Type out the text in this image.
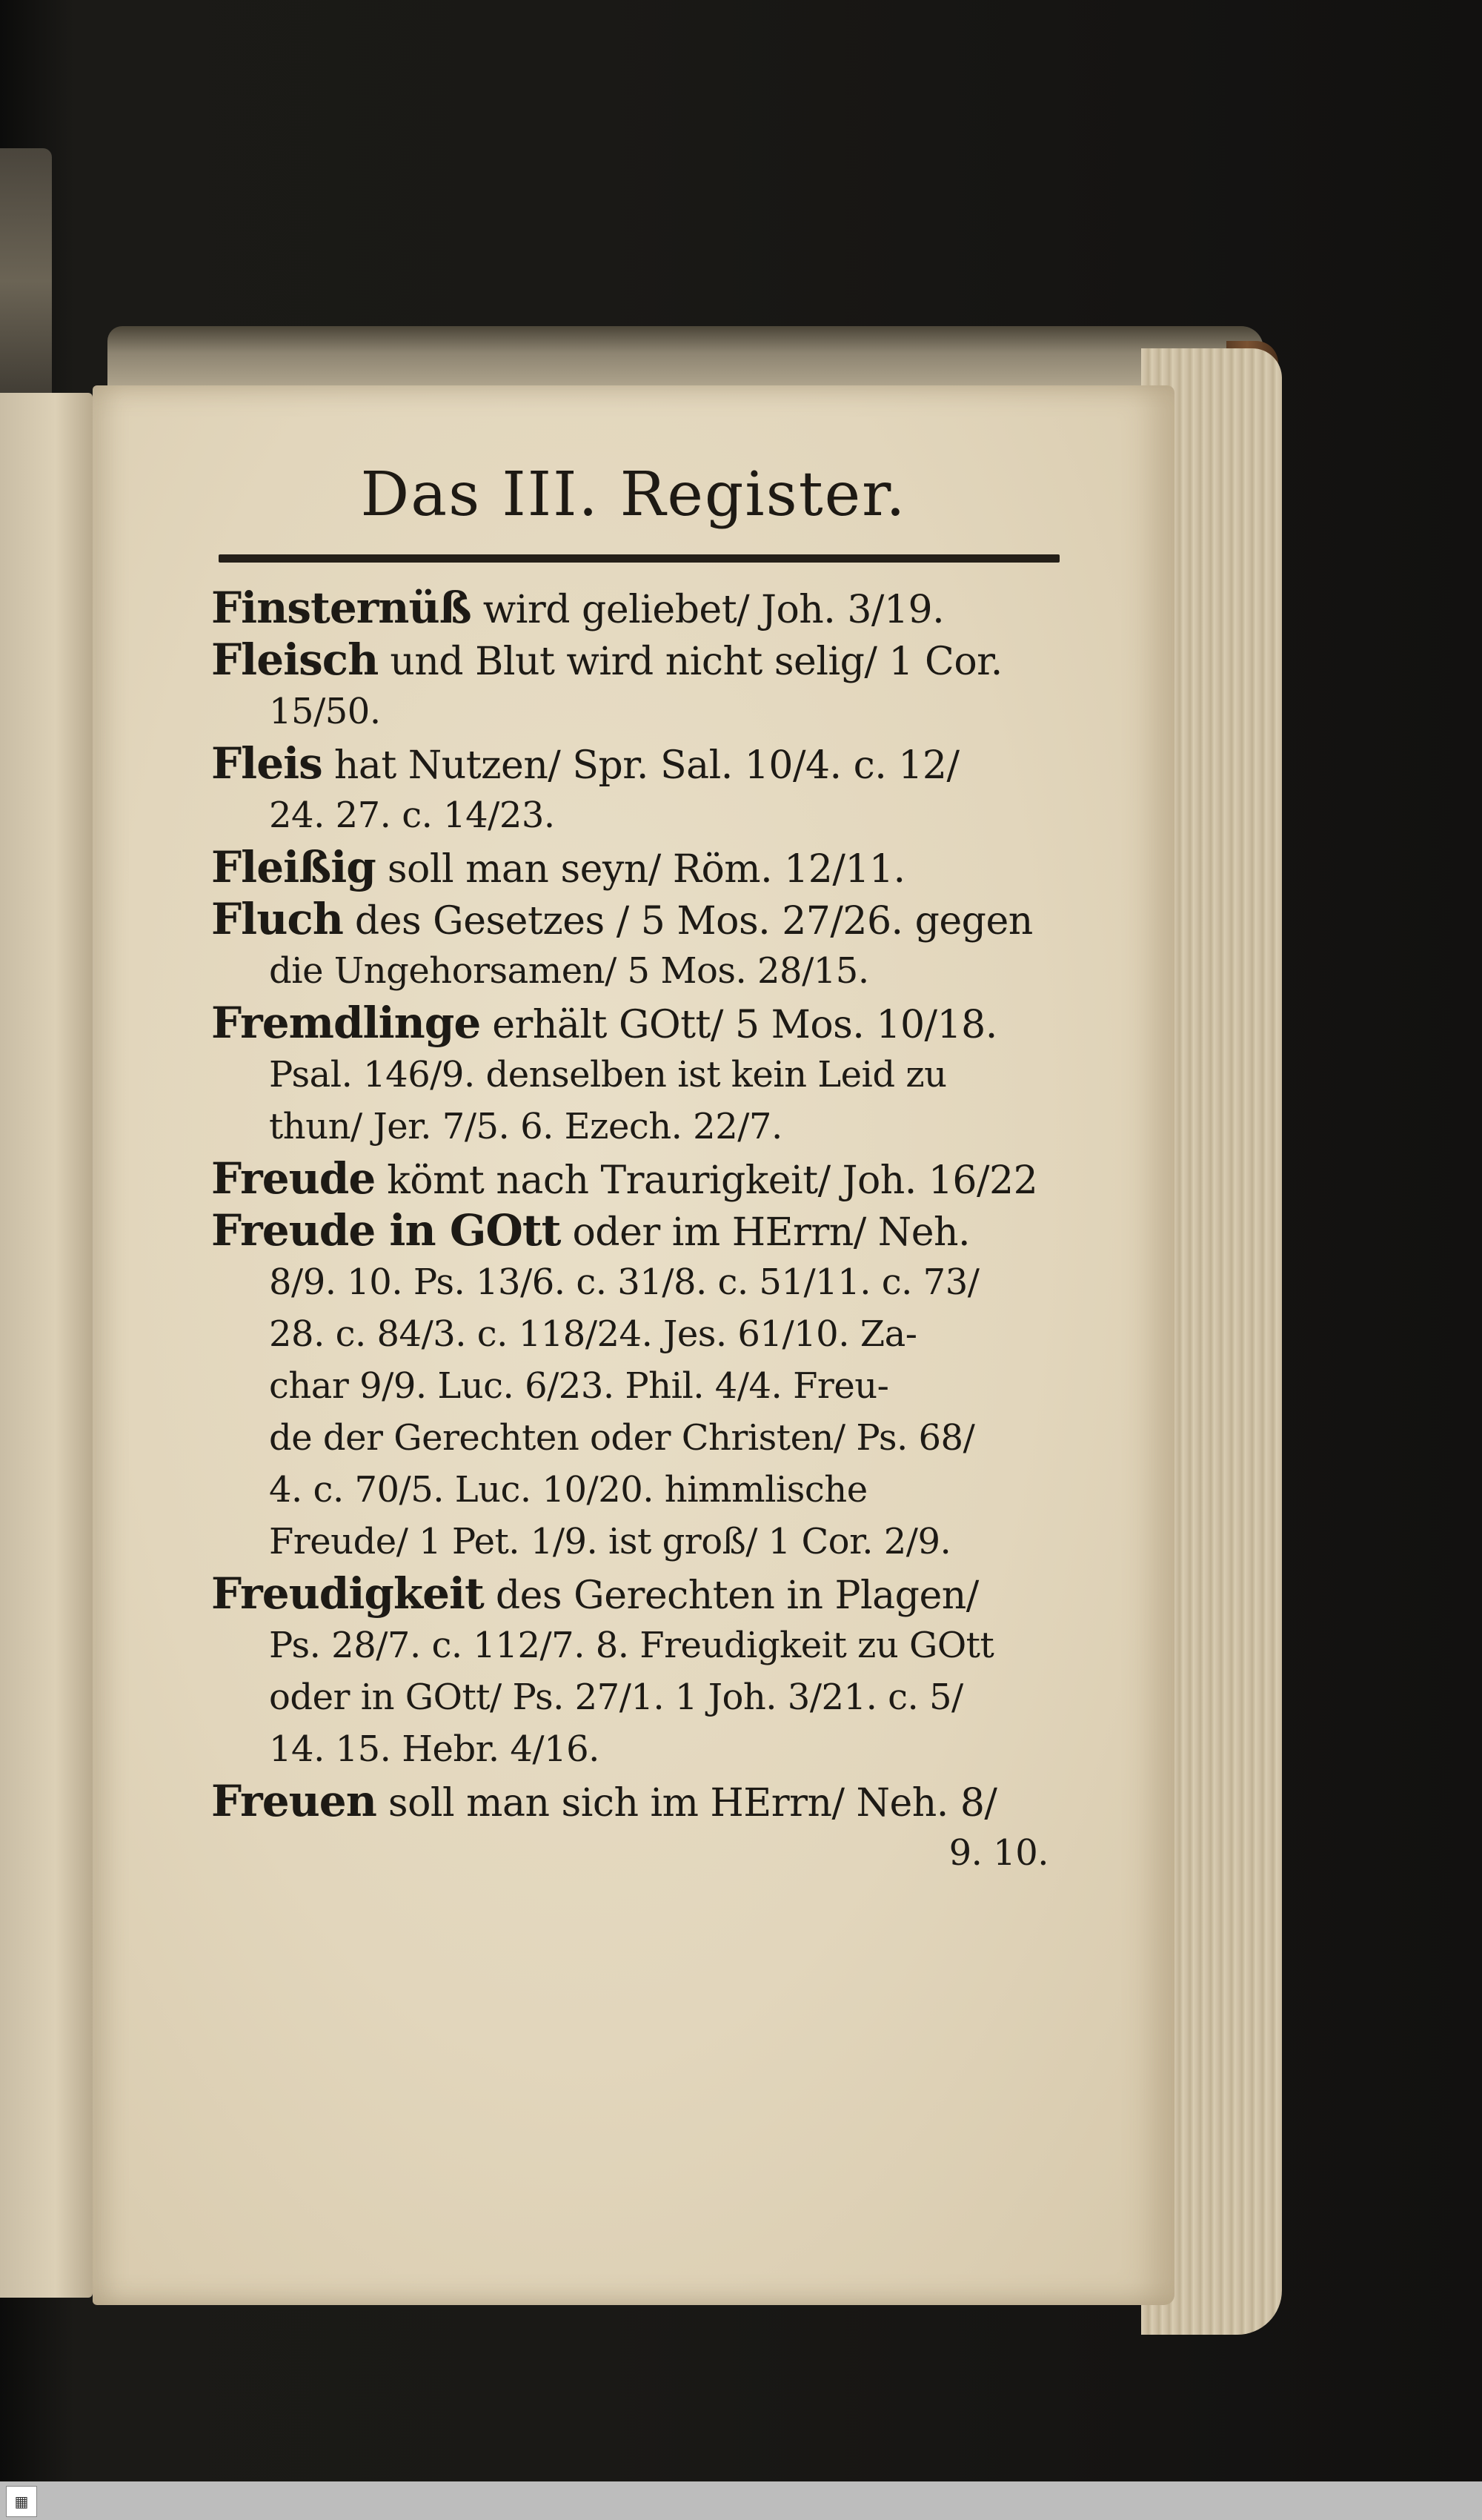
Das III. Register.
Finsternüß wird geliebet/ Joh. 3/19.
Fleisch und Blut wird nicht selig/ 1 Cor.
15/50.
Fleis hat Nutzen/ Spr. Sal. 10/4. c. 12/
24. 27. c. 14/23.
Fleißig soll man seyn/ Röm. 12/11.
Fluch des Gesetzes / 5 Mos. 27/26. gegen
die Ungehorsamen/ 5 Mos. 28/15.
Fremdlinge erhält GOtt/ 5 Mos. 10/18.
Psal. 146/9. denselben ist kein Leid zu
thun/ Jer. 7/5. 6. Ezech. 22/7.
Freude kömt nach Traurigkeit/ Joh. 16/22
Freude in GOtt oder im HErrn/ Neh.
8/9. 10. Ps. 13/6. c. 31/8. c. 51/11. c. 73/
28. c. 84/3. c. 118/24. Jes. 61/10. Za-
char 9/9. Luc. 6/23. Phil. 4/4. Freu-
de der Gerechten oder Christen/ Ps. 68/
4. c. 70/5. Luc. 10/20. himmlische
Freude/ 1 Pet. 1/9. ist groß/ 1 Cor. 2/9.
Freudigkeit des Gerechten in Plagen/
Ps. 28/7. c. 112/7. 8. Freudigkeit zu GOtt
oder in GOtt/ Ps. 27/1. 1 Joh. 3/21. c. 5/
14. 15. Hebr. 4/16.
Freuen soll man sich im HErrn/ Neh. 8/
9. 10.
▦
